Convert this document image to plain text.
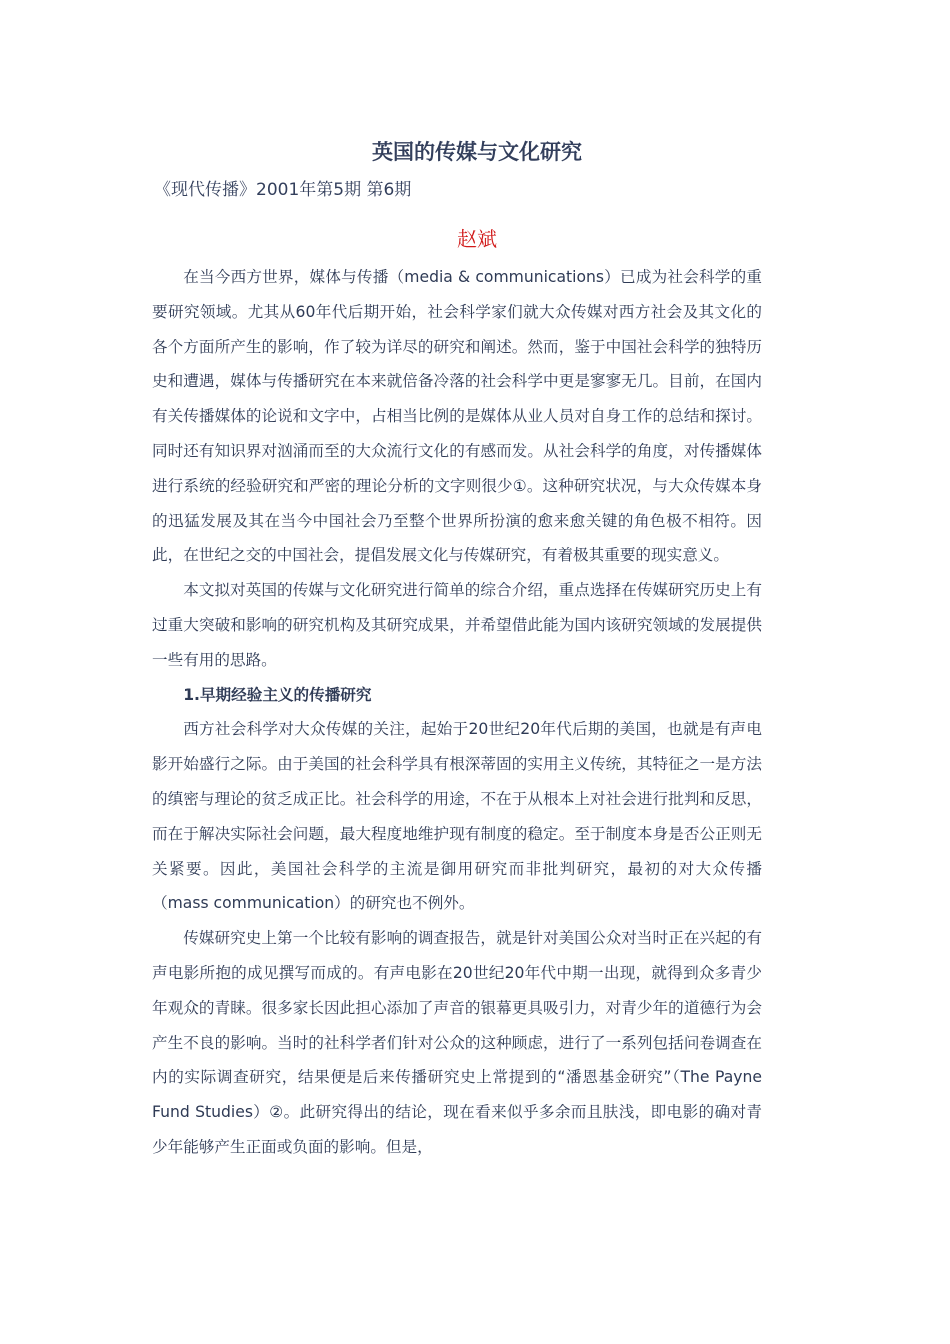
英国的传媒与文化研究
《现代传播》2001年第5期 第6期
赵斌

在当今西方世界，媒体与传播（media & communications）已成为社会科学的重要研究领域。尤其从60年代后期开始，社会科学家们就大众传媒对西方社会及其文化的各个方面所产生的影响，作了较为详尽的研究和阐述。然而，鉴于中国社会科学的独特历史和遭遇，媒体与传播研究在本来就倍备冷落的社会科学中更是寥寥无几。目前，在国内有关传播媒体的论说和文字中，占相当比例的是媒体从业人员对自身工作的总结和探讨。同时还有知识界对汹涌而至的大众流行文化的有感而发。从社会科学的角度，对传播媒体进行系统的经验研究和严密的理论分析的文字则很少①。这种研究状况，与大众传媒本身的迅猛发展及其在当今中国社会乃至整个世界所扮演的愈来愈关键的角色极不相符。因此，在世纪之交的中国社会，提倡发展文化与传媒研究，有着极其重要的现实意义。

本文拟对英国的传媒与文化研究进行简单的综合介绍，重点选择在传媒研究历史上有过重大突破和影响的研究机构及其研究成果，并希望借此能为国内该研究领域的发展提供一些有用的思路。

1.早期经验主义的传播研究

西方社会科学对大众传媒的关注，起始于20世纪20年代后期的美国，也就是有声电影开始盛行之际。由于美国的社会科学具有根深蒂固的实用主义传统，其特征之一是方法的缜密与理论的贫乏成正比。社会科学的用途，不在于从根本上对社会进行批判和反思，而在于解决实际社会问题，最大程度地维护现有制度的稳定。至于制度本身是否公正则无关紧要。因此，美国社会科学的主流是御用研究而非批判研究，最初的对大众传播（mass communication）的研究也不例外。

传媒研究史上第一个比较有影响的调查报告，就是针对美国公众对当时正在兴起的有声电影所抱的成见撰写而成的。有声电影在20世纪20年代中期一出现，就得到众多青少年观众的青睐。很多家长因此担心添加了声音的银幕更具吸引力，对青少年的道德行为会产生不良的影响。当时的社科学者们针对公众的这种顾虑，进行了一系列包括问卷调查在内的实际调查研究，结果便是后来传播研究史上常提到的“潘恩基金研究”（The Payne Fund Studies）②。此研究得出的结论，现在看来似乎多余而且肤浅，即电影的确对青少年能够产生正面或负面的影响。但是，
